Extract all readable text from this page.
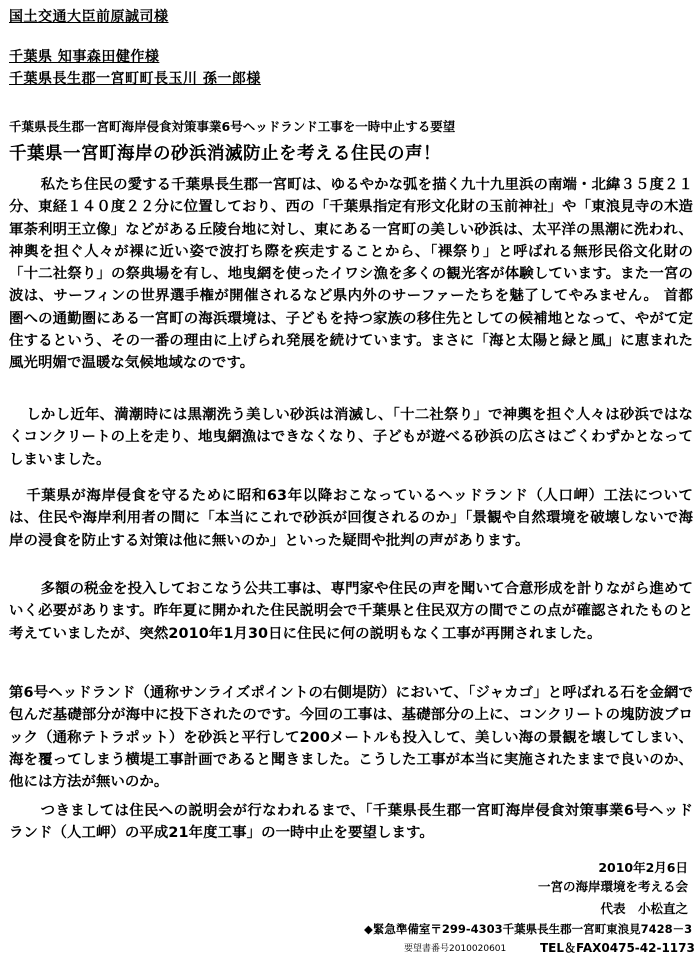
国土交通大臣前原誠司様
千葉県 知事森田健作様
千葉県長生郡一宮町町長玉川 孫一郎様
千葉県長生郡一宮町海岸侵食対策事業6号ヘッドランド工事を一時中止する要望
千葉県一宮町海岸の砂浜消滅防止を考える住民の声！
私たち住民の愛する千葉県長生郡一宮町は、ゆるやかな弧を描く九十九里浜の南端・北緯３５度２１分、東経１４０度２２分に位置しており、西の「千葉県指定有形文化財の玉前神社」や「東浪見寺の木造軍荼利明王立像」などがある丘陵台地に対し、東にある一宮町の美しい砂浜は、太平洋の黒潮に洗われ、神輿を担ぐ人々が裸に近い姿で波打ち際を疾走することから、「裸祭り」と呼ばれる無形民俗文化財の「十二社祭り」の祭典場を有し、地曳網を使ったイワシ漁を多くの観光客が体験しています。また一宮の波は、サーフィンの世界選手権が開催されるなど県内外のサーファーたちを魅了してやみません。 首都圏への通勤圏にある一宮町の海浜環境は、子どもを持つ家族の移住先としての候補地となって、やがて定住するという、その一番の理由に上げられ発展を続けています。まさに「海と太陽と緑と風」に恵まれた風光明媚で温暖な気候地域なのです。
しかし近年、満潮時には黒潮洗う美しい砂浜は消滅し、「十二社祭り」で神輿を担ぐ人々は砂浜ではなくコンクリートの上を走り、地曳網漁はできなくなり、子どもが遊べる砂浜の広さはごくわずかとなってしまいました。
千葉県が海岸侵食を守るために昭和63年以降おこなっているヘッドランド（人口岬）工法については、住民や海岸利用者の間に「本当にこれで砂浜が回復されるのか」「景観や自然環境を破壊しないで海岸の浸食を防止する対策は他に無いのか」といった疑問や批判の声があります。
多額の税金を投入しておこなう公共工事は、専門家や住民の声を聞いて合意形成を計りながら進めていく必要があります。昨年夏に開かれた住民説明会で千葉県と住民双方の間でこの点が確認されたものと考えていましたが、突然2010年1月30日に住民に何の説明もなく工事が再開されました。
第6号ヘッドランド（通称サンライズポイントの右側堤防）において、「ジャカゴ」と呼ばれる石を金網で包んだ基礎部分が海中に投下されたのです。今回の工事は、基礎部分の上に、コンクリートの塊防波ブロック（通称テトラポット）を砂浜と平行して200メートルも投入して、美しい海の景観を壊してしまい、海を覆ってしまう横堤工事計画であると聞きました。こうした工事が本当に実施されたままで良いのか、他には方法が無いのか。
つきましては住民への説明会が行なわれるまで、「千葉県長生郡一宮町海岸侵食対策事業6号ヘッドランド（人工岬）の平成21年度工事」の一時中止を要望します。
2010年2月6日
一宮の海岸環境を考える会
代表　小松直之
◆緊急準備室〒299-4303千葉県長生郡一宮町東浪見7428－3
要望書番号2010020601	TEL＆FAX0475-42-1173
